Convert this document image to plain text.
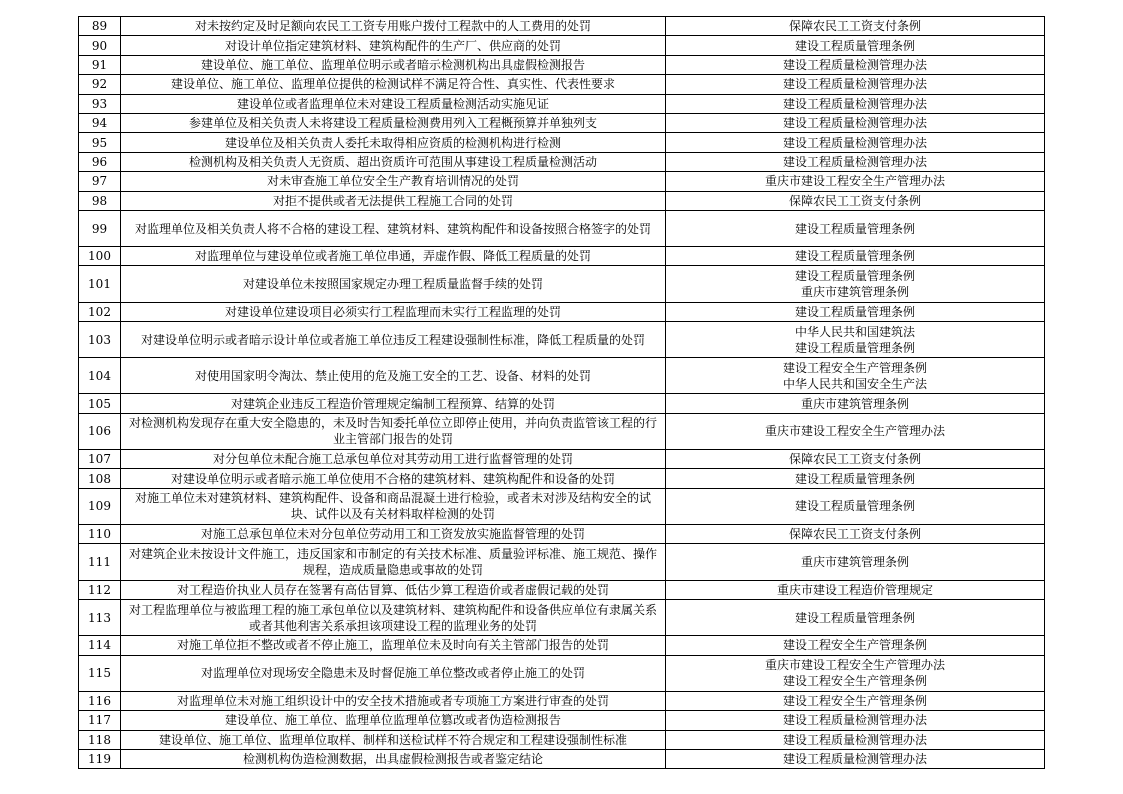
89	对未按约定及时足额向农民工工资专用账户拨付工程款中的人工费用的处罚	保障农民工工资支付条例

90	对设计单位指定建筑材料、建筑构配件的生产厂、供应商的处罚	建设工程质量管理条例

91	建设单位、施工单位、监理单位明示或者暗示检测机构出具虚假检测报告	建设工程质量检测管理办法

92	建设单位、施工单位、监理单位提供的检测试样不满足符合性、真实性、代表性要求	建设工程质量检测管理办法

93	建设单位或者监理单位未对建设工程质量检测活动实施见证	建设工程质量检测管理办法

94	参建单位及相关负责人未将建设工程质量检测费用列入工程概预算并单独列支	建设工程质量检测管理办法

95	建设单位及相关负责人委托未取得相应资质的检测机构进行检测	建设工程质量检测管理办法

96	检测机构及相关负责人无资质、超出资质许可范围从事建设工程质量检测活动	建设工程质量检测管理办法

97	对未审查施工单位安全生产教育培训情况的处罚	重庆市建设工程安全生产管理办法

98	对拒不提供或者无法提供工程施工合同的处罚	保障农民工工资支付条例

99	对监理单位及相关负责人将不合格的建设工程、建筑材料、建筑构配件和设备按照合格签字的处罚	建设工程质量管理条例

100	对监理单位与建设单位或者施工单位串通，弄虚作假、降低工程质量的处罚	建设工程质量管理条例

101	对建设单位未按照国家规定办理工程质量监督手续的处罚	建设工程质量管理条例
重庆市建筑管理条例

102	对建设单位建设项目必须实行工程监理而未实行工程监理的处罚	建设工程质量管理条例

103	对建设单位明示或者暗示设计单位或者施工单位违反工程建设强制性标准，降低工程质量的处罚	中华人民共和国建筑法
建设工程质量管理条例

104	对使用国家明令淘汰、禁止使用的危及施工安全的工艺、设备、材料的处罚	建设工程安全生产管理条例
中华人民共和国安全生产法

105	对建筑企业违反工程造价管理规定编制工程预算、结算的处罚	重庆市建筑管理条例

106	对检测机构发现存在重大安全隐患的，未及时告知委托单位立即停止使用，并向负责监管该工程的行业主管部门报告的处罚	重庆市建设工程安全生产管理办法

107	对分包单位未配合施工总承包单位对其劳动用工进行监督管理的处罚	保障农民工工资支付条例

108	对建设单位明示或者暗示施工单位使用不合格的建筑材料、建筑构配件和设备的处罚	建设工程质量管理条例

109	对施工单位未对建筑材料、建筑构配件、设备和商品混凝土进行检验，或者未对涉及结构安全的试块、试件以及有关材料取样检测的处罚	建设工程质量管理条例

110	对施工总承包单位未对分包单位劳动用工和工资发放实施监督管理的处罚	保障农民工工资支付条例

111	对建筑企业未按设计文件施工，违反国家和市制定的有关技术标准、质量验评标准、施工规范、操作规程，造成质量隐患或事故的处罚	重庆市建筑管理条例

112	对工程造价执业人员存在签署有高估冒算、低估少算工程造价或者虚假记载的处罚	重庆市建设工程造价管理规定

113	对工程监理单位与被监理工程的施工承包单位以及建筑材料、建筑构配件和设备供应单位有隶属关系或者其他利害关系承担该项建设工程的监理业务的处罚	建设工程质量管理条例

114	对施工单位拒不整改或者不停止施工，监理单位未及时向有关主管部门报告的处罚	建设工程安全生产管理条例

115	对监理单位对现场安全隐患未及时督促施工单位整改或者停止施工的处罚	重庆市建设工程安全生产管理办法
建设工程安全生产管理条例

116	对监理单位未对施工组织设计中的安全技术措施或者专项施工方案进行审查的处罚	建设工程安全生产管理条例

117	建设单位、施工单位、监理单位监理单位篡改或者伪造检测报告	建设工程质量检测管理办法

118	建设单位、施工单位、监理单位取样、制样和送检试样不符合规定和工程建设强制性标准	建设工程质量检测管理办法

119	检测机构伪造检测数据，出具虚假检测报告或者鉴定结论	建设工程质量检测管理办法
